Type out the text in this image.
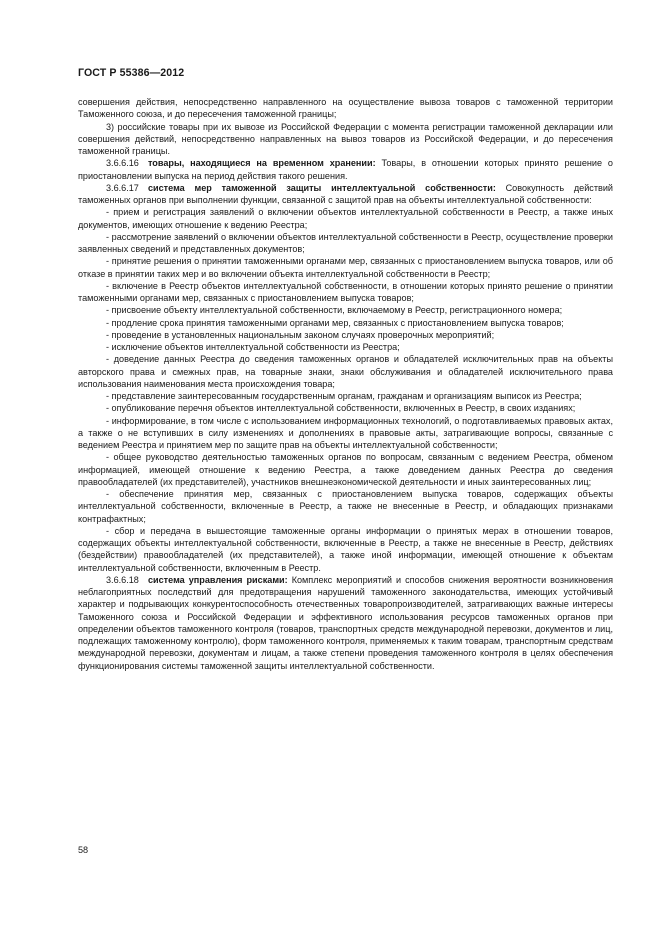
ГОСТ Р 55386—2012

совершения действия, непосредственно направленного на осуществление вывоза товаров с таможенной территории Таможенного союза, и до пересечения таможенной границы;

3) российские товары при их вывозе из Российской Федерации с момента регистрации таможенной декларации или совершения действий, непосредственно направленных на вывоз товаров из Российской Федерации, и до пересечения таможенной границы.

3.6.6.16  товары, находящиеся на временном хранении: Товары, в отношении которых принято решение о приостановлении выпуска на период действия такого решения.

3.6.6.17  система мер таможенной защиты интеллектуальной собственности: Совокупность действий таможенных органов при выполнении функции, связанной с защитой прав на объекты интеллектуальной собственности:

- прием и регистрация заявлений о включении объектов интеллектуальной собственности в Реестр, а также иных документов, имеющих отношение к ведению Реестра;

- рассмотрение заявлений о включении объектов интеллектуальной собственности в Реестр, осуществление проверки заявленных сведений и представленных документов;

- принятие решения о принятии таможенными органами мер, связанных с приостановлением выпуска товаров, или об отказе в принятии таких мер и во включении объекта интеллектуальной собственности в Реестр;

- включение в Реестр объектов интеллектуальной собственности, в отношении которых принято решение о принятии таможенными органами мер, связанных с приостановлением выпуска товаров;

- присвоение объекту интеллектуальной собственности, включаемому в Реестр, регистрационного номера;

- продление срока принятия таможенными органами мер, связанных с приостановлением выпуска товаров;

- проведение в установленных национальным законом случаях проверочных мероприятий;

- исключение объектов интеллектуальной собственности из Реестра;

- доведение данных Реестра до сведения таможенных органов и обладателей исключительных прав на объекты авторского права и смежных прав, на товарные знаки, знаки обслуживания и обладателей исключительного права использования наименования места происхождения товара;

- представление заинтересованным государственным органам, гражданам и организациям выписок из Реестра;

- опубликование перечня объектов интеллектуальной собственности, включенных в Реестр, в своих изданиях;

- информирование, в том числе с использованием информационных технологий, о подготавливаемых правовых актах, а также о не вступивших в силу изменениях и дополнениях в правовые акты, затрагивающие вопросы, связанные с ведением Реестра и принятием мер по защите прав на объекты интеллектуальной собственности;

- общее руководство деятельностью таможенных органов по вопросам, связанным с ведением Реестра, обменом информацией, имеющей отношение к ведению Реестра, а также доведением данных Реестра до сведения правообладателей (их представителей), участников внешнеэкономической деятельности и иных заинтересованных лиц;

- обеспечение принятия мер, связанных с приостановлением выпуска товаров, содержащих объекты интеллектуальной собственности, включенные в Реестр, а также не внесенные в Реестр, и обладающих признаками контрафактных;

- сбор и передача в вышестоящие таможенные органы информации о принятых мерах в отношении товаров, содержащих объекты интеллектуальной собственности, включенные в Реестр, а также не внесенные в Реестр, действиях (бездействии) правообладателей (их представителей), а также иной информации, имеющей отношение к объектам интеллектуальной собственности, включенным в Реестр.

3.6.6.18  система управления рисками: Комплекс мероприятий и способов снижения вероятности возникновения неблагоприятных последствий для предотвращения нарушений таможенного законодательства, имеющих устойчивый характер и подрывающих конкурентоспособность отечественных товаропроизводителей, затрагивающих важные интересы Таможенного союза и Российской Федерации и эффективного использования ресурсов таможенных органов при определении объектов таможенного контроля (товаров, транспортных средств международной перевозки, документов и лиц, подлежащих таможенному контролю), форм таможенного контроля, применяемых к таким товарам, транспортным средствам международной перевозки, документам и лицам, а также степени проведения таможенного контроля в целях обеспечения функционирования системы таможенной защиты интеллектуальной собственности.

58
